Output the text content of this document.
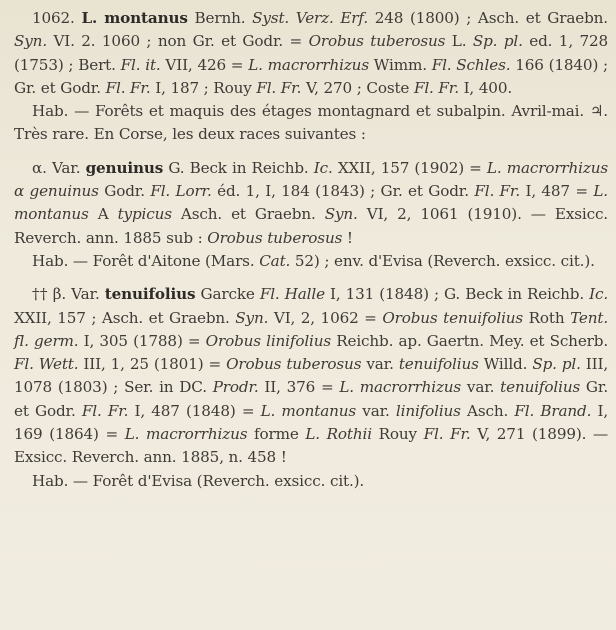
1062. L. montanus Bernh. Syst. Verz. Erf. 248 (1800) ; Asch. et Graebn. Syn. VI. 2. 1060 ; non Gr. et Godr. = Orobus tuberosus L. Sp. pl. ed. 1, 728 (1753) ; Bert. Fl. it. VII, 426 = L. macrorrhizus Wimm. Fl. Schles. 166 (1840) ; Gr. et Godr. Fl. Fr. I, 187 ; Rouy Fl. Fr. V, 270 ; Coste Fl. Fr. I, 400.

Hab. — Forêts et maquis des étages montagnard et subalpin. Avril-mai. ♃. Très rare. En Corse, les deux races suivantes :

α. Var. genuinus G. Beck in Reichb. Ic. XXII, 157 (1902) = L. macrorrhizus α genuinus Godr. Fl. Lorr. éd. 1, I, 184 (1843) ; Gr. et Godr. Fl. Fr. I, 487 = L. montanus A typicus Asch. et Graebn. Syn. VI, 2, 1061 (1910). — Exsicc. Reverch. ann. 1885 sub : Orobus tuberosus !

Hab. — Forêt d'Aitone (Mars. Cat. 52) ; env. d'Evisa (Reverch. exsicc. cit.).

†† β. Var. tenuifolius Garcke Fl. Halle I, 131 (1848) ; G. Beck in Reichb. Ic. XXII, 157 ; Asch. et Graebn. Syn. VI, 2, 1062 = Orobus tenuifolius Roth Tent. fl. germ. I, 305 (1788) = Orobus linifolius Reichb. ap. Gaertn. Mey. et Scherb. Fl. Wett. III, 1, 25 (1801) = Orobus tuberosus var. tenuifolius Willd. Sp. pl. III, 1078 (1803) ; Ser. in DC. Prodr. II, 376 = L. macrorrhizus var. tenuifolius Gr. et Godr. Fl. Fr. I, 487 (1848) = L. montanus var. linifolius Asch. Fl. Brand. I, 169 (1864) = L. macrorrhizus forme L. Rothii Rouy Fl. Fr. V, 271 (1899). — Exsicc. Reverch. ann. 1885, n. 458 !

Hab. — Forêt d'Evisa (Reverch. exsicc. cit.).
